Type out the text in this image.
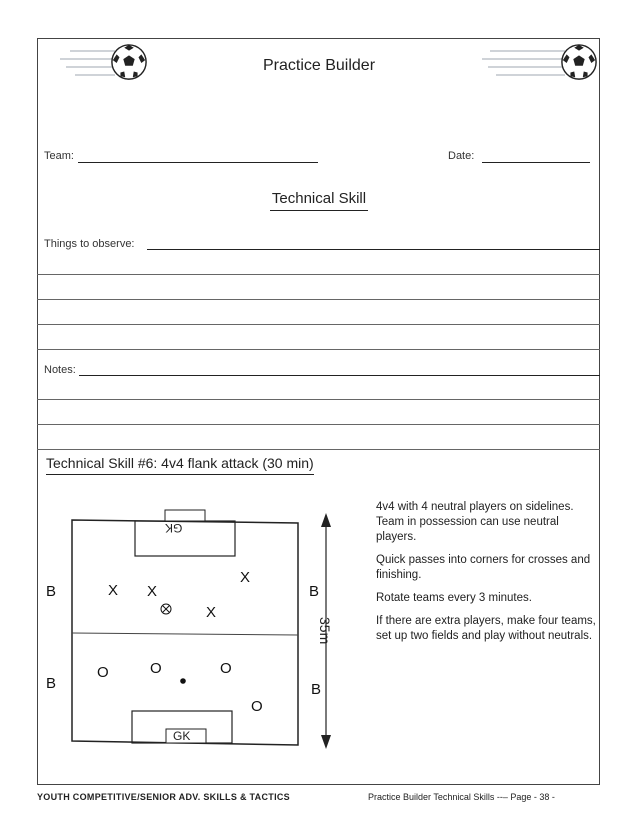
Practice Builder
Team:	Date:
Technical Skill
Things to observe:
Notes:
Technical Skill #6: 4v4 flank attack (30 min)
GK
GK
35m
B
B
B
B
X X
X
X
O	O	O
O

4v4 with 4 neutral players on sidelines. Team in possession can use neutral players.

Quick passes into corners for crosses and finishing.

Rotate teams every 3 minutes.

If there are extra players, make four teams, set up two fields and play without neutrals.

YOUTH COMPETITIVE/SENIOR ADV. SKILLS & TACTICS	Practice Builder Technical Skills --– Page - 38 -
